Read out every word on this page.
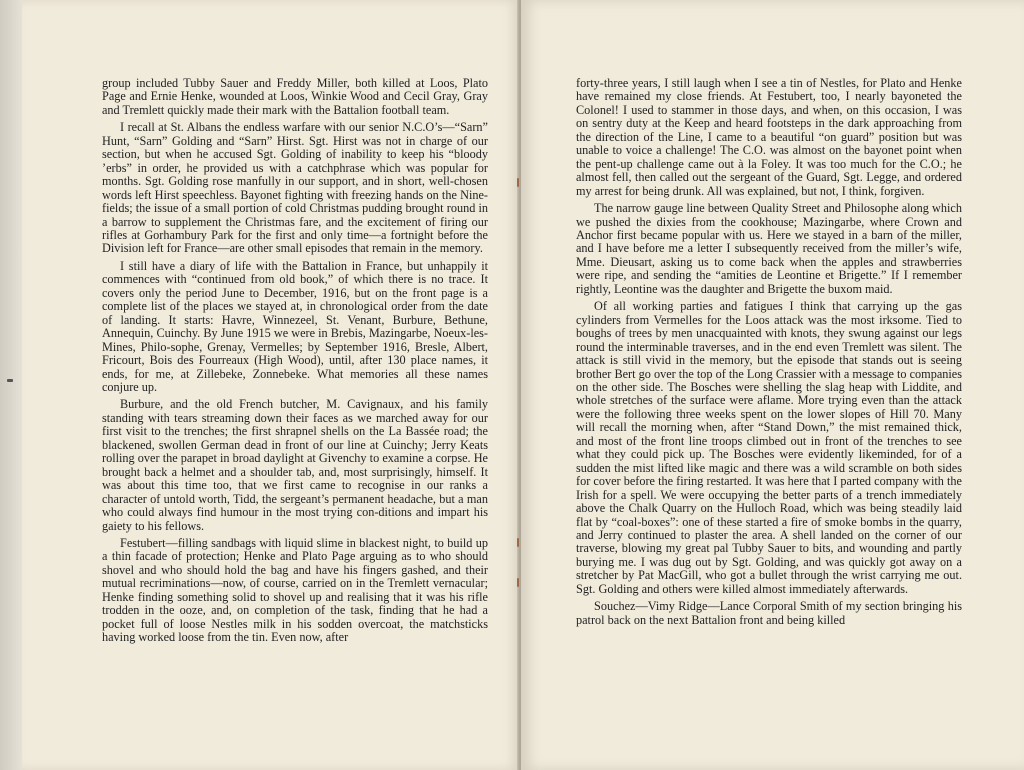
group included Tubby Sauer and Freddy Miller, both killed at Loos, Plato Page and Ernie Henke, wounded at Loos, Winkie Wood and Cecil Gray, Gray and Tremlett quickly made their mark with the Battalion football team.

I recall at St. Albans the endless warfare with our senior N.C.O’s—“Sarn” Hunt, “Sarn” Golding and “Sarn” Hirst. Sgt. Hirst was not in charge of our section, but when he accused Sgt. Golding of inability to keep his “bloody ’erbs” in order, he provided us with a catchphrase which was popular for months. Sgt. Golding rose manfully in our support, and in short, well-chosen words left Hirst speechless. Bayonet fighting with freezing hands on the Nine-fields; the issue of a small portion of cold Christmas pudding brought round in a barrow to supplement the Christmas fare, and the excitement of firing our rifles at Gorhambury Park for the first and only time—a fortnight before the Division left for France—are other small episodes that remain in the memory.

I still have a diary of life with the Battalion in France, but unhappily it commences with “continued from old book,” of which there is no trace. It covers only the period June to December, 1916, but on the front page is a complete list of the places we stayed at, in chronological order from the date of landing. It starts: Havre, Winnezeel, St. Venant, Burbure, Bethune, Annequin, Cuinchy. By June 1915 we were in Brebis, Mazingarbe, Noeux-les-Mines, Philo-sophe, Grenay, Vermelles; by September 1916, Bresle, Albert, Fricourt, Bois des Fourreaux (High Wood), until, after 130 place names, it ends, for me, at Zillebeke, Zonnebeke. What memories all these names conjure up.

Burbure, and the old French butcher, M. Cavignaux, and his family standing with tears streaming down their faces as we marched away for our first visit to the trenches; the first shrapnel shells on the La Bassée road; the blackened, swollen German dead in front of our line at Cuinchy; Jerry Keats rolling over the parapet in broad daylight at Givenchy to examine a corpse. He brought back a helmet and a shoulder tab, and, most surprisingly, himself. It was about this time too, that we first came to recognise in our ranks a character of untold worth, Tidd, the sergeant’s permanent headache, but a man who could always find humour in the most trying con-ditions and impart his gaiety to his fellows.

Festubert—filling sandbags with liquid slime in blackest night, to build up a thin facade of protection; Henke and Plato Page arguing as to who should shovel and who should hold the bag and have his fingers gashed, and their mutual recriminations—now, of course, carried on in the Tremlett vernacular; Henke finding something solid to shovel up and realising that it was his rifle trodden in the ooze, and, on completion of the task, finding that he had a pocket full of loose Nestles milk in his sodden overcoat, the matchsticks having worked loose from the tin. Even now, after

forty-three years, I still laugh when I see a tin of Nestles, for Plato and Henke have remained my close friends. At Festubert, too, I nearly bayoneted the Colonel! I used to stammer in those days, and when, on this occasion, I was on sentry duty at the Keep and heard footsteps in the dark approaching from the direction of the Line, I came to a beautiful “on guard” position but was unable to voice a challenge! The C.O. was almost on the bayonet point when the pent-up challenge came out à la Foley. It was too much for the C.O.; he almost fell, then called out the sergeant of the Guard, Sgt. Legge, and ordered my arrest for being drunk. All was explained, but not, I think, forgiven.

The narrow gauge line between Quality Street and Philosophe along which we pushed the dixies from the cookhouse; Mazingarbe, where Crown and Anchor first became popular with us. Here we stayed in a barn of the miller, and I have before me a letter I subsequently received from the miller’s wife, Mme. Dieusart, asking us to come back when the apples and strawberries were ripe, and sending the “amities de Leontine et Brigette.” If I remember rightly, Leontine was the daughter and Brigette the buxom maid.

Of all working parties and fatigues I think that carrying up the gas cylinders from Vermelles for the Loos attack was the most irksome. Tied to boughs of trees by men unacquainted with knots, they swung against our legs round the interminable traverses, and in the end even Tremlett was silent. The attack is still vivid in the memory, but the episode that stands out is seeing brother Bert go over the top of the Long Crassier with a message to companies on the other side. The Bosches were shelling the slag heap with Liddite, and whole stretches of the surface were aflame. More trying even than the attack were the following three weeks spent on the lower slopes of Hill 70. Many will recall the morning when, after “Stand Down,” the mist remained thick, and most of the front line troops climbed out in front of the trenches to see what they could pick up. The Bosches were evidently likeminded, for of a sudden the mist lifted like magic and there was a wild scramble on both sides for cover before the firing restarted. It was here that I parted company with the Irish for a spell. We were occupying the better parts of a trench immediately above the Chalk Quarry on the Hulloch Road, which was being steadily laid flat by “coal-boxes”: one of these started a fire of smoke bombs in the quarry, and Jerry continued to plaster the area. A shell landed on the corner of our traverse, blowing my great pal Tubby Sauer to bits, and wounding and partly burying me. I was dug out by Sgt. Golding, and was quickly got away on a stretcher by Pat MacGill, who got a bullet through the wrist carrying me out. Sgt. Golding and others were killed almost immediately afterwards.

Souchez—Vimy Ridge—Lance Corporal Smith of my section bringing his patrol back on the next Battalion front and being killed
